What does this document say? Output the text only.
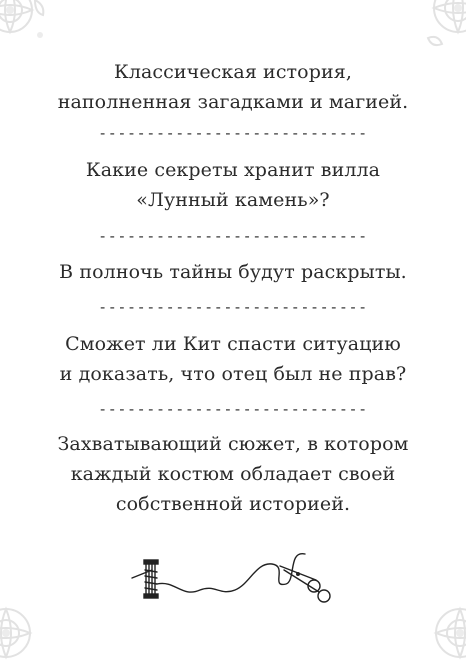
Классическая история,
наполненная загадками и магией.
----------------------------
Какие секреты хранит вилла
«Лунный камень»?
----------------------------
В полночь тайны будут раскрыты.
----------------------------
Сможет ли Кит спасти ситуацию
и доказать, что отец был не прав?
----------------------------
Захватывающий сюжет, в котором
каждый костюм обладает своей
собственной историей.
